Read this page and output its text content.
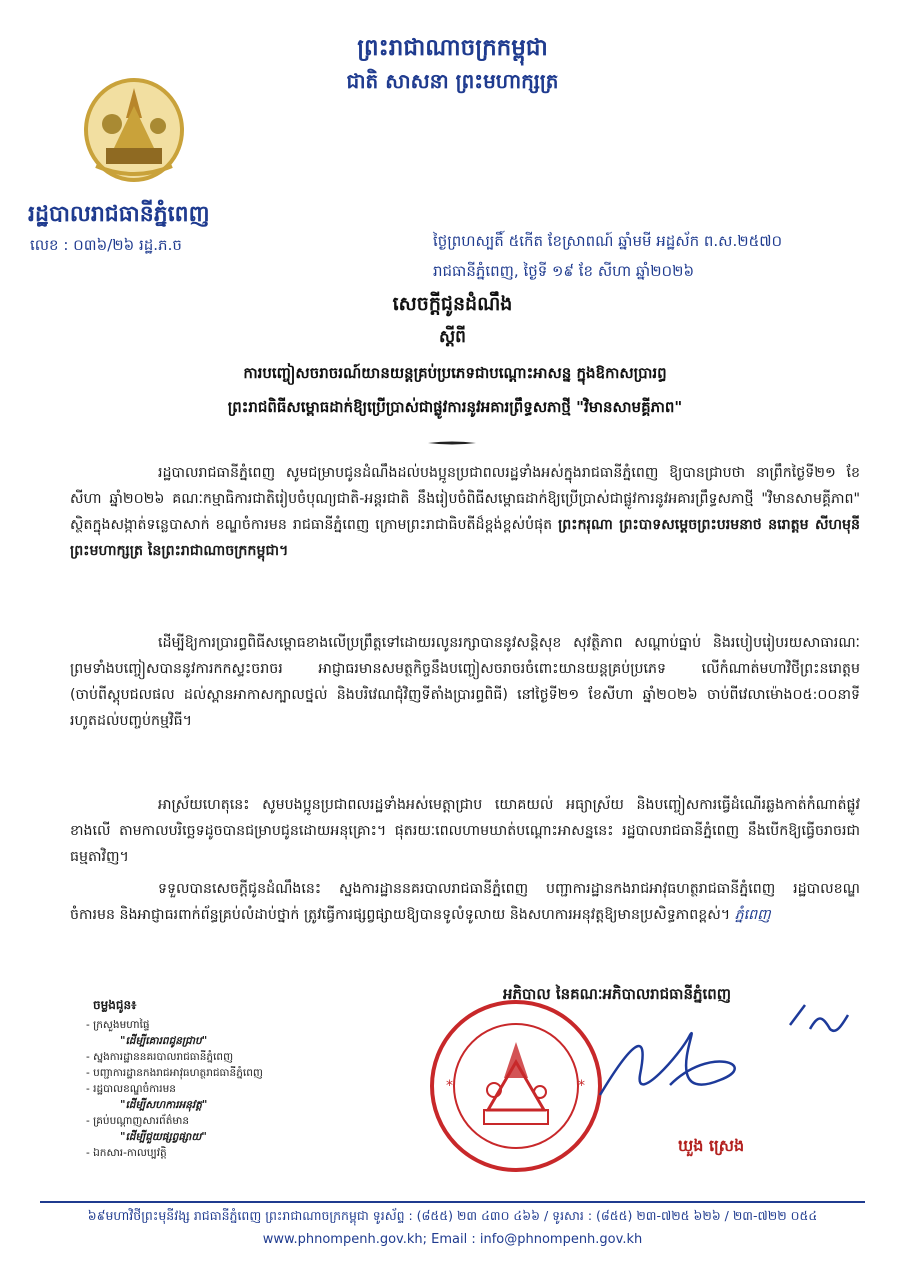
ព្រះរាជាណាចក្រកម្ពុជា
ជាតិ សាសនា ព្រះមហាក្សត្រ
រដ្ឋបាលរាជធានីភ្នំពេញ
លេខ : ០៣៦/២៦ រដ្ឋ.ភ.ច	ថ្ងៃព្រហស្បតិ៍ ៥កើត ខែស្រាពណ៍ ឆ្នាំមមី អដ្ឋស័ក ព.ស.២៥៧០
រាជធានីភ្នំពេញ, ថ្ងៃទី ១៩ ខែ សីហា ឆ្នាំ២០២៦
សេចក្តីជូនដំណឹង
ស្តីពី
ការបញ្ចៀសចរាចរណ៍យានយន្តគ្រប់ប្រភេទជាបណ្តោះអាសន្ន ក្នុងឱកាសប្រារព្ធ
ព្រះរាជពិធីសម្ពោធដាក់ឱ្យប្រើប្រាស់ជាផ្លូវការនូវអគារព្រឹទ្ធសភាថ្មី "វិមានសាមគ្គីភាព"
រដ្ឋបាលរាជធានីភ្នំពេញ សូមជម្រាបជូនដំណឹងដល់បងប្អូនប្រជាពលរដ្ឋទាំងអស់ក្នុងរាជធានីភ្នំពេញ ឱ្យបានជ្រាបថា នាព្រឹកថ្ងៃទី២១ ខែសីហា ឆ្នាំ២០២៦ គណៈកម្មាធិការជាតិរៀបចំបុណ្យជាតិ-អន្តរជាតិ នឹងរៀបចំពិធីសម្ពោធដាក់ឱ្យប្រើប្រាស់ជាផ្លូវការនូវអគារព្រឹទ្ធសភាថ្មី "វិមានសាមគ្គីភាព" ស្ថិតក្នុងសង្កាត់ទន្លេបាសាក់ ខណ្ឌចំការមន រាជធានីភ្នំពេញ ក្រោមព្រះរាជាធិបតីដ៏ខ្ពង់ខ្ពស់បំផុត ព្រះករុណា ព្រះបាទសម្តេចព្រះបរមនាថ នរោត្តម សីហមុនី ព្រះមហាក្សត្រ នៃព្រះរាជាណាចក្រកម្ពុជា។
ដើម្បីឱ្យការប្រារព្ធពិធីសម្ពោធខាងលើប្រព្រឹត្តទៅដោយរលូនរក្សាបាននូវសន្តិសុខ សុវត្ថិភាព សណ្តាប់ធ្នាប់ និងរបៀបរៀបរយសាធារណៈ ព្រមទាំងបញ្ចៀសបាននូវការកកស្ទះចរាចរ អាជ្ញាធរមានសមត្ថកិច្ចនឹងបញ្ចៀសចរាចរចំពោះយានយន្តគ្រប់ប្រភេទ លើកំណាត់មហាវិថីព្រះនរោត្តម (ចាប់ពីស្តុបជលផល ដល់ស្ពានអាកាសក្បាលថ្នល់ និងបរិវេណជុំវិញទីតាំងប្រារព្ធពិធី) នៅថ្ងៃទី២១ ខែសីហា ឆ្នាំ២០២៦ ចាប់ពីវេលាម៉ោង០៥:០០នាទី រហូតដល់បញ្ចប់កម្មវិធី។
អាស្រ័យហេតុនេះ សូមបងប្អូនប្រជាពលរដ្ឋទាំងអស់មេត្តាជ្រាប យោគយល់ អធ្យាស្រ័យ និងបញ្ចៀសការធ្វើដំណើរឆ្លងកាត់កំណាត់ផ្លូវខាងលើ តាមកាលបរិច្ឆេទដូចបានជម្រាបជូនដោយអនុគ្រោះ។ ផុតរយៈពេលហាមឃាត់បណ្តោះអាសន្ននេះ រដ្ឋបាលរាជធានីភ្នំពេញ នឹងបើកឱ្យធ្វើចរាចរជាធម្មតាវិញ។
ទទួលបានសេចក្តីជូនដំណឹងនេះ ស្នងការដ្ឋាននគរបាលរាជធានីភ្នំពេញ បញ្ជាការដ្ឋានកងរាជអាវុធហត្ថរាជធានីភ្នំពេញ រដ្ឋបាលខណ្ឌចំការមន និងអាជ្ញាធរពាក់ព័ន្ធគ្រប់លំដាប់ថ្នាក់ ត្រូវធ្វើការផ្សព្វផ្សាយឱ្យបានទូលំទូលាយ និងសហការអនុវត្តឱ្យមានប្រសិទ្ធភាពខ្ពស់។ ភ្នំពេញ
ចម្លងជូន៖
- ក្រសួងមហាផ្ទៃ
"ដើម្បីគោរពជូនជ្រាប"
- ស្នងការដ្ឋាននគរបាលរាជធានីភ្នំពេញ
- បញ្ជាការដ្ឋានកងរាជអាវុធហត្ថរាជធានីភ្នំពេញ
- រដ្ឋបាលខណ្ឌចំការមន
"ដើម្បីសហការអនុវត្ត"
- គ្រប់បណ្តាញសារព័ត៌មាន
"ដើម្បីជួយផ្សព្វផ្សាយ"
- ឯកសារ-កាលប្បវត្តិ
*	*
អភិបាល នៃគណៈអភិបាលរាជធានីភ្នំពេញ
ឃួង ស្រេង
៦៩មហាវិថីព្រះមុនីវង្ស រាជធានីភ្នំពេញ ព្រះរាជាណាចក្រកម្ពុជា ទូរស័ព្ទ : (៨៥៥) ២៣ ៤៣០ ៤៦៦ / ទូរសារ : (៨៥៥) ២៣-៧២៥ ៦២៦ / ២៣-៧២២ ០៥៤
www.phnompenh.gov.kh; Email : info@phnompenh.gov.kh
